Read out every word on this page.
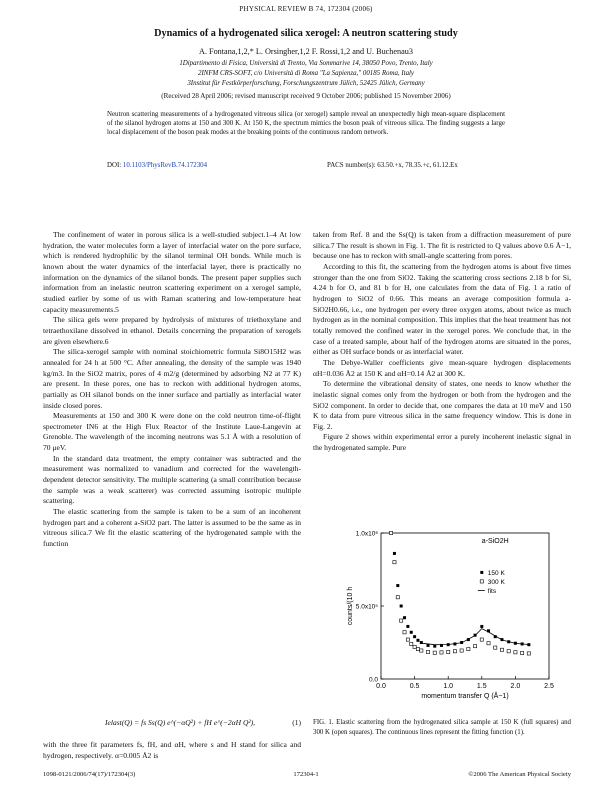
PHYSICAL REVIEW B 74, 172304 (2006)
Dynamics of a hydrogenated silica xerogel: A neutron scattering study
A. Fontana,1,2,* L. Orsingher,1,2 F. Rossi,1,2 and U. Buchenau3
1Dipartimento di Fisica, Università di Trento, Via Sommarive 14, 38050 Povo, Trento, Italy
2INFM CRS-SOFT, c/o Università di Roma "La Sapienza," 00185 Roma, Italy
3Institut für Festkörperforschung, Forschungszentrum Jülich, 52425 Jülich, Germany
(Received 28 April 2006; revised manuscript received 9 October 2006; published 15 November 2006)
Neutron scattering measurements of a hydrogenated vitreous silica (or xerogel) sample reveal an unexpectedly high mean-square displacement of the silanol hydrogen atoms at 150 and 300 K. At 150 K, the spectrum mimics the boson peak of vitreous silica. The finding suggests a large local displacement of the boson peak modes at the breaking points of the continuous random network.
DOI: 10.1103/PhysRevB.74.172304	PACS number(s): 63.50.+x, 78.35.+c, 61.12.Ex

The confinement of water in porous silica is a well-studied subject.1–4 At low hydration, the water molecules form a layer of interfacial water on the pore surface, which is rendered hydrophilic by the silanol terminal OH bonds. While much is known about the water dynamics of the interfacial layer, there is practically no information on the dynamics of the silanol bonds. The present paper supplies such information from an inelastic neutron scattering experiment on a xerogel sample, studied earlier by some of us with Raman scattering and low-temperature heat capacity measurements.5

The silica gels were prepared by hydrolysis of mixtures of triethoxylane and tetraethoxilane dissolved in ethanol. Details concerning the preparation of xerogels are given elsewhere.6

The silica-xerogel sample with nominal stoichiometric formula Si8O15H2 was annealed for 24 h at 500 °C. After annealing, the density of the sample was 1940 kg/m3. In the SiO2 matrix, pores of 4 m2/g (determined by adsorbing N2 at 77 K) are present. In these pores, one has to reckon with additional hydrogen atoms, partially as OH silanol bonds on the inner surface and partially as interfacial water inside closed pores.

Measurements at 150 and 300 K were done on the cold neutron time-of-flight spectrometer IN6 at the High Flux Reactor of the Institute Laue-Langevin at Grenoble. The wavelength of the incoming neutrons was 5.1 Å with a resolution of 70 μeV.

In the standard data treatment, the empty container was subtracted and the measurement was normalized to vanadium and corrected for the wavelength-dependent detector sensitivity. The multiple scattering (a small contribution because the sample was a weak scatterer) was corrected assuming isotropic multiple scattering.

The elastic scattering from the sample is taken to be a sum of an incoherent hydrogen part and a coherent a-SiO2 part. The latter is assumed to be the same as in vitreous silica.7 We fit the elastic scattering of the hydrogenated sample with the function

Ielast(Q) = fs Ss(Q) e^(−αQ²) + fH e^(−2αH Q²),	(1)

with the three fit parameters fs, fH, and αH, where s and H stand for silica and hydrogen, respectively. α=0.005 Å2 is

taken from Ref. 8 and the Ss(Q) is taken from a diffraction measurement of pure silica.7 The result is shown in Fig. 1. The fit is restricted to Q values above 0.6 Å−1, because one has to reckon with small-angle scattering from pores.

According to this fit, the scattering from the hydrogen atoms is about five times stronger than the one from SiO2. Taking the scattering cross sections 2.18 b for Si, 4.24 b for O, and 81 b for H, one calculates from the data of Fig. 1 a ratio of hydrogen to SiO2 of 0.66. This means an average composition formula a-SiO2H0.66, i.e., one hydrogen per every three oxygen atoms, about twice as much hydrogen as in the nominal composition. This implies that the heat treatment has not totally removed the confined water in the xerogel pores. We conclude that, in the case of a treated sample, about half of the hydrogen atoms are situated in the pores, either as OH surface bonds or as interfacial water.

The Debye-Waller coefficients give mean-square hydrogen displacements αH=0.036 Å2 at 150 K and αH=0.14 Å2 at 300 K.

To determine the vibrational density of states, one needs to know whether the inelastic signal comes only from the hydrogen or both from the hydrogen and the SiO2 component. In order to decide that, one compares the data at 10 meV and 150 K to data from pure vitreous silica in the same frequency window. This is done in Fig. 2.

Figure 2 shows within experimental error a purely incoherent inelastic signal in the hydrogenated sample. Pure

0.0	0.5	1.0	1.5	2.0	2.5
0.0
5.0x10⁵
1.0x10⁶
momentum transfer Q (Å−1)
counts/(10 h
a-SiO2H
150 K
300 K
fits
FIG. 1. Elastic scattering from the hydrogenated silica sample at 150 K (full squares) and 300 K (open squares). The continuous lines represent the fitting function (1).
1098-0121/2006/74(17)/172304(3)	172304-1	©2006 The American Physical Society
